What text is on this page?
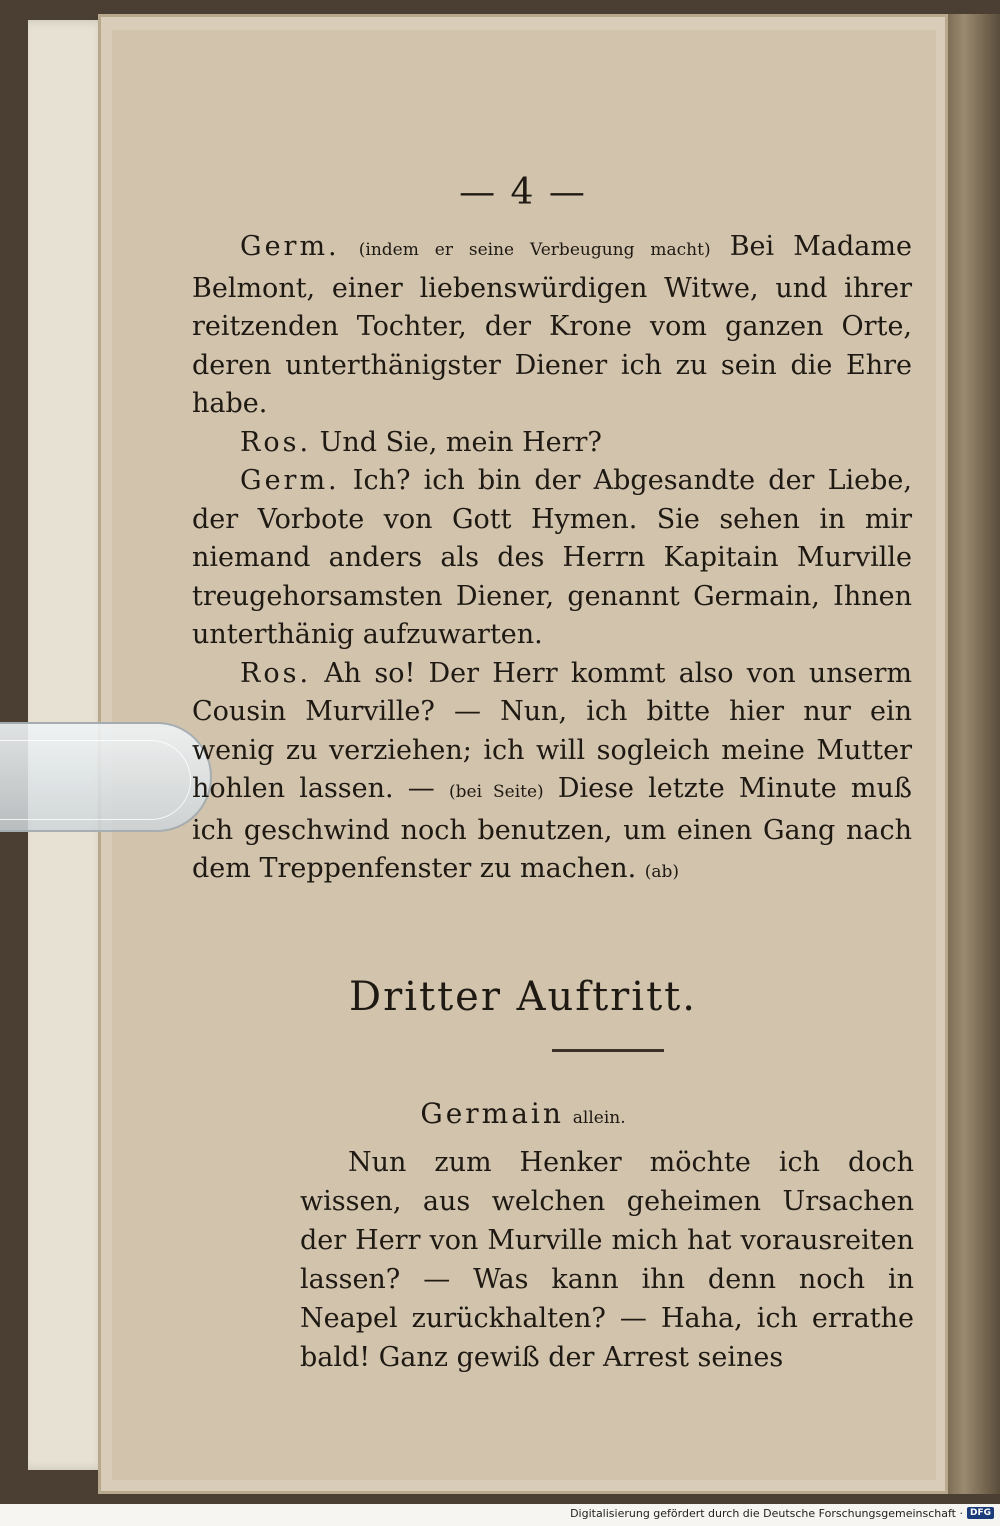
— 4 —

Germ. (indem er seine Verbeugung macht) Bei Madame Belmont, einer liebenswürdigen Witwe, und ihrer reitzenden Tochter, der Krone vom ganzen Orte, deren unterthänigster Diener ich zu sein die Ehre habe.

Ros. Und Sie, mein Herr?

Germ. Ich? ich bin der Abgesandte der Liebe, der Vorbote von Gott Hymen. Sie sehen in mir niemand anders als des Herrn Kapitain Murville treugehorsamsten Diener, genannt Germain, Ihnen unterthänig aufzuwarten.

Ros. Ah so! Der Herr kommt also von unserm Cousin Murville? — Nun, ich bitte hier nur ein wenig zu verziehen; ich will sogleich meine Mutter hohlen lassen. — (bei Seite) Diese letzte Minute muß ich geschwind noch benutzen, um einen Gang nach dem Treppenfenster zu machen. (ab)

Dritter Auftritt.
Germain allein.

Nun zum Henker möchte ich doch wissen, aus welchen geheimen Ursachen der Herr von Murville mich hat vorausreiten lassen? — Was kann ihn denn noch in Neapel zurückhalten? — Haha, ich errathe bald! Ganz gewiß der Arrest seines

Digitalisierung gefördert durch die Deutsche Forschungsgemeinschaft · DFG
